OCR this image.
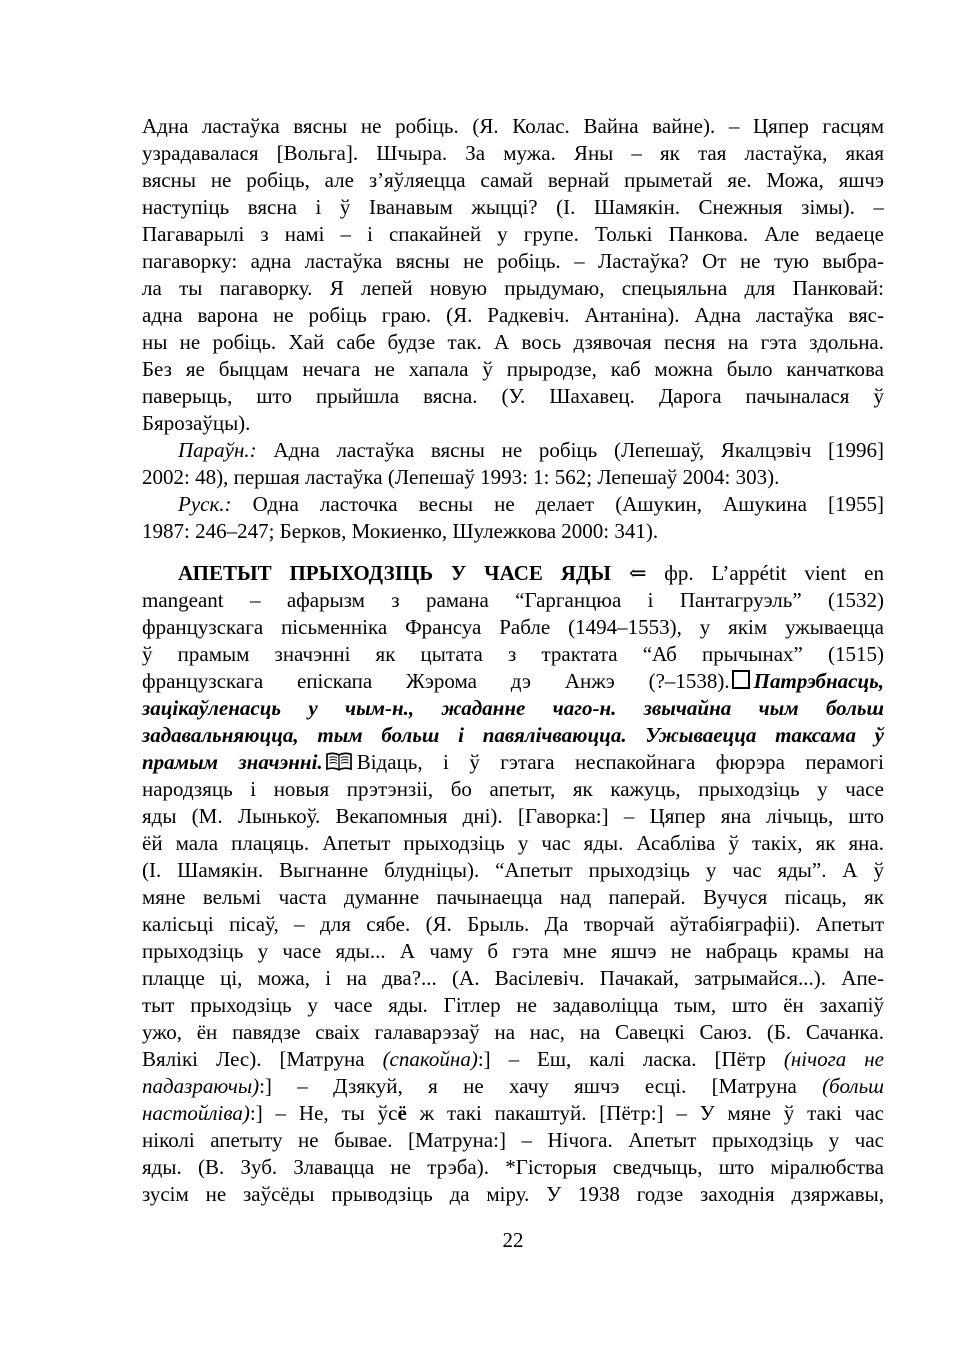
Адна ластаўка вясны не робіць. (Я. Колас. Вайна вайне). – Цяпер гасцям
узрадавалася [Вольга]. Шчыра. За мужа. Яны – як тая ластаўка, якая
вясны не робіць, але з’яўляецца самай вернай прыметай яе. Можа, яшчэ
наступіць вясна і ў Іванавым жыцці? (І. Шамякін. Снежныя зімы). –
Пагаварылі з намі – і спакайней у групе. Толькі Панкова. Але ведаеце
пагаворку: адна ластаўка вясны не робіць. – Ластаўка? От не тую выбра-
ла ты пагаворку. Я лепей новую прыдумаю, спецыяльна для Панковай:
адна варона не робіць граю. (Я. Радкевіч. Антаніна). Адна ластаўка вяс-
ны не робіць. Хай сабе будзе так. А вось дзявочая песня на гэта здольна.
Без яе быццам нечага не хапала ў прыродзе, каб можна было канчаткова
паверыць, што прыйшла вясна. (У. Шахавец. Дарога пачыналася ў
Бярозаўцы).
Параўн.: Адна ластаўка вясны не робіць (Лепешаў, Якалцэвіч [1996]
2002: 48), першая ластаўка (Лепешаў 1993: 1: 562; Лепешаў 2004: 303).
Руск.: Одна ласточка весны не делает (Ашукин, Ашукина [1955]
1987: 246–247; Берков, Мокиенко, Шулежкова 2000: 341).
АПЕТЫТ ПРЫХОДЗІЦЬ У ЧАСЕ ЯДЫ ⇐ фр. L’appétit vient en
mangeant – афарызм з рамана “Гарганцюа і Пантагруэль” (1532)
французскага пісьменніка Франсуа Рабле (1494–1553), у якім ужываецца
ў прамым значэнні як цытата з трактата “Аб прычынах” (1515)
французскага епіскапа Жэрома дэ Анжэ (?–1538). Патрэбнасць,
зацікаўленасць у чым-н., жаданне чаго-н. звычайна чым больш
задавальняюцца, тым больш і павялічваюцца. Ужываецца таксама ў
прамым значэнні. Відаць, і ў гэтага неспакойнага фюрэра перамогі
народзяць і новыя прэтэнзіі, бо апетыт, як кажуць, прыходзіць у часе
яды (М. Лынькоў. Векапомныя дні). [Гаворка:] – Цяпер яна лічыць, што
ёй мала плацяць. Апетыт прыходзіць у час яды. Асабліва ў такіх, як яна.
(І. Шамякін. Выгнанне блудніцы). “Апетыт прыходзіць у час яды”. А ў
мяне вельмі часта думанне пачынаецца над паперай. Вучуся пісаць, як
калісьці пісаў, – для сябе. (Я. Брыль. Да творчай аўтабіяграфіі). Апетыт
прыходзіць у часе яды... А чаму б гэта мне яшчэ не набраць крамы на
плацце ці, можа, і на два?... (А. Васілевіч. Пачакай, затрымайся...). Апе-
тыт прыходзіць у часе яды. Гітлер не задаволіцца тым, што ён захапіў
ужо, ён павядзе сваіх галаварэзаў на нас, на Савецкі Саюз. (Б. Сачанка.
Вялікі Лес). [Матруна (спакойна):] – Еш, калі ласка. [Пётр (нічога не
падазраючы):] – Дзякуй, я не хачу яшчэ есці. [Матруна (больш
настойліва):] – Не, ты ўсё ж такі пакаштуй. [Пётр:] – У мяне ў такі час
ніколі апетыту не бывае. [Матруна:] – Нічога. Апетыт прыходзіць у час
яды. (В. Зуб. Злавацца не трэба). *Гісторыя сведчыць, што міралюбства
зусім не заўсёды прыводзіць да міру. У 1938 годзе заходнія дзяржавы,
22
